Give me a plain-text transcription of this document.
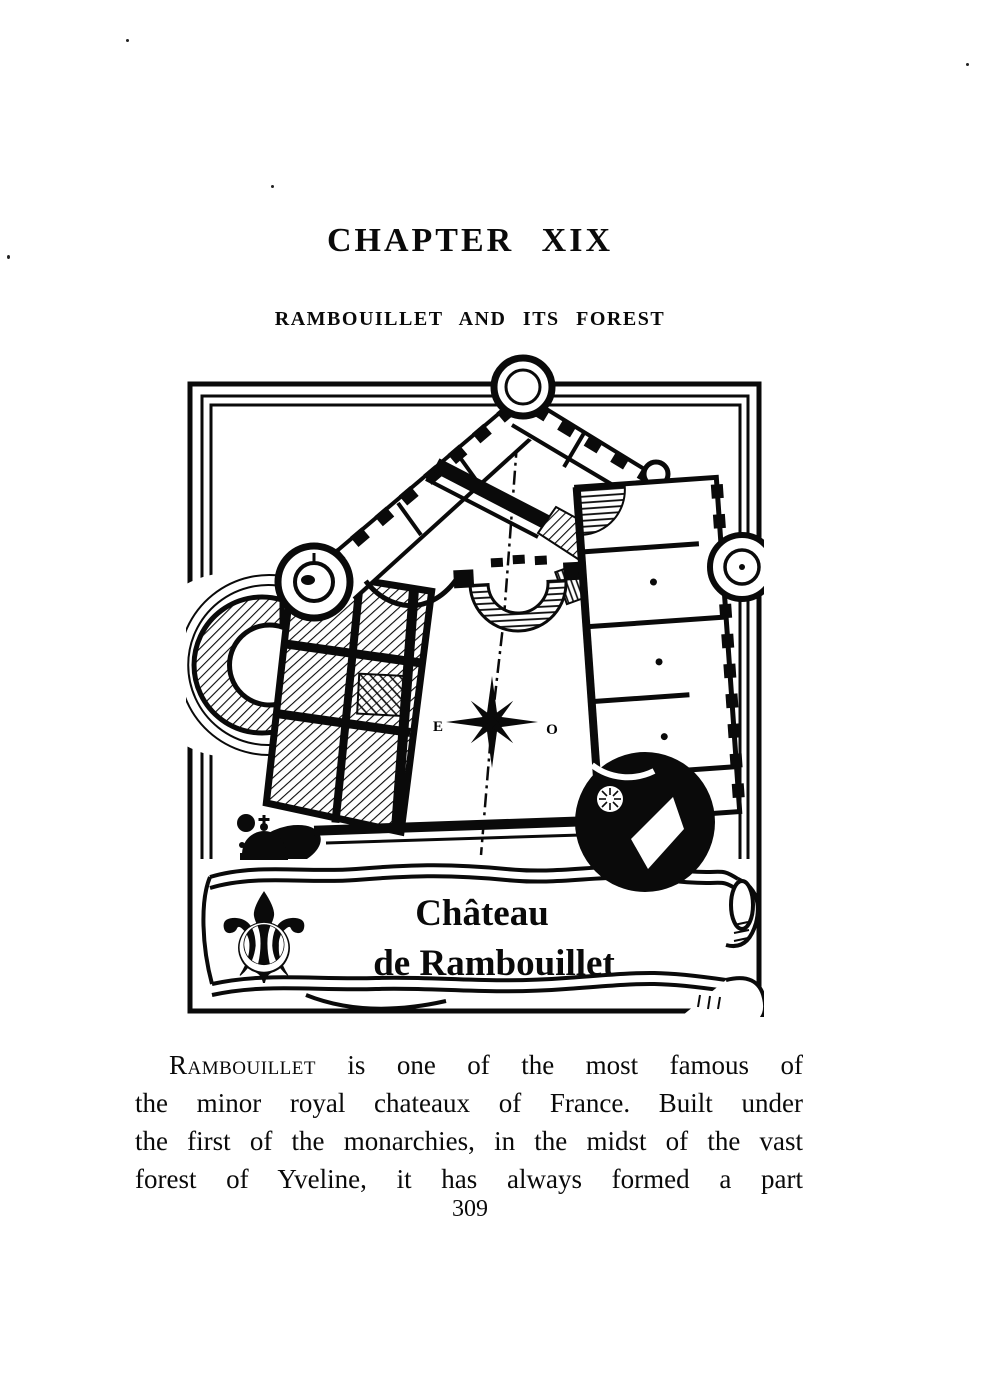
CHAPTER XIX
RAMBOUILLET AND ITS FOREST
E	O
⚜	Château
de Rambouillet
Rambouillet is one of the most famous of
the minor royal chateaux of France. Built under
the first of the monarchies, in the midst of the vast
forest of Yveline, it has always formed a part
309
